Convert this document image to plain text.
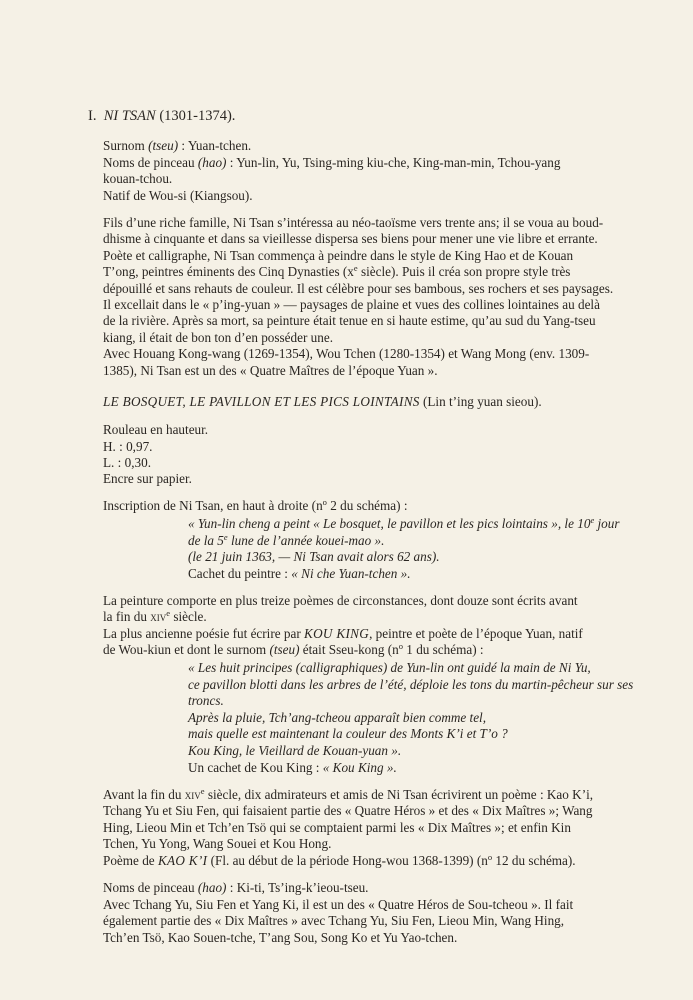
I. NI TSAN (1301-1374).

Surnom (tseu) : Yuan-tchen.

Noms de pinceau (hao) : Yun-lin, Yu, Tsing-ming kiu-che, King-man-min, Tchou-yang

kouan-tchou.

Natif de Wou-si (Kiangsou).

Fils d’une riche famille, Ni Tsan s’intéressa au néo-taoïsme vers trente ans; il se voua au boud-

dhisme à cinquante et dans sa vieillesse dispersa ses biens pour mener une vie libre et errante.

Poète et calligraphe, Ni Tsan commença à peindre dans le style de King Hao et de Kouan

T’ong, peintres éminents des Cinq Dynasties ($x^e$ siècle). Puis il créa son propre style très

dépouillé et sans rehauts de couleur. Il est célèbre pour ses bambous, ses rochers et ses paysages.

Il excellait dans le « p’ing-yuan » — paysages de plaine et vues des collines lointaines au delà

de la rivière. Après sa mort, sa peinture était tenue en si haute estime, qu’au sud du Yang-tseu

kiang, il était de bon ton d’en posséder une.

Avec Houang Kong-wang (1269-1354), Wou Tchen (1280-1354) et Wang Mong (env. 1309-

1385), Ni Tsan est un des « Quatre Maîtres de l’époque Yuan ».

LE BOSQUET, LE PAVILLON ET LES PICS LOINTAINS (Lin t’ing yuan sieou).

Rouleau en hauteur.

H. : 0,97.

L. : 0,30.

Encre sur papier.

Inscription de Ni Tsan, en haut à droite ($n^o$ 2 du schéma) :

« Yun-lin cheng a peint « Le bosquet, le pavillon et les pics lointains », le 10e jour

de la 5e lune de l’année kouei-mao ».

(le 21 juin 1363, — Ni Tsan avait alors 62 ans).

Cachet du peintre : « Ni che Yuan-tchen ».

La peinture comporte en plus treize poèmes de circonstances, dont douze sont écrits avant

la fin du xiv$^e$ siècle.

La plus ancienne poésie fut écrire par KOU KING, peintre et poète de l’époque Yuan, natif

de Wou-kiun et dont le surnom (tseu) était Sseu-kong ($n^o$ 1 du schéma) :

« Les huit principes (calligraphiques) de Yun-lin ont guidé la main de Ni Yu,

ce pavillon blotti dans les arbres de l’été, déploie les tons du martin-pêcheur sur ses

troncs.

Après la pluie, Tch’ang-tcheou apparaît bien comme tel,

mais quelle est maintenant la couleur des Monts K’i et T’o ?

Kou King, le Vieillard de Kouan-yuan ».

Un cachet de Kou King : « Kou King ».

Avant la fin du xiv$^e$ siècle, dix admirateurs et amis de Ni Tsan écrivirent un poème : Kao K’i,

Tchang Yu et Siu Fen, qui faisaient partie des « Quatre Héros » et des « Dix Maîtres »; Wang

Hing, Lieou Min et Tch’en Tsö qui se comptaient parmi les « Dix Maîtres »; et enfin Kin

Tchen, Yu Yong, Wang Souei et Kou Hong.

Poème de KAO K’I (Fl. au début de la période Hong-wou 1368-1399) ($n^o$ 12 du schéma).

Noms de pinceau (hao) : Ki-ti, Ts’ing-k’ieou-tseu.

Avec Tchang Yu, Siu Fen et Yang Ki, il est un des « Quatre Héros de Sou-tcheou ». Il fait

également partie des « Dix Maîtres » avec Tchang Yu, Siu Fen, Lieou Min, Wang Hing,

Tch’en Tsö, Kao Souen-tche, T’ang Sou, Song Ko et Yu Yao-tchen.
